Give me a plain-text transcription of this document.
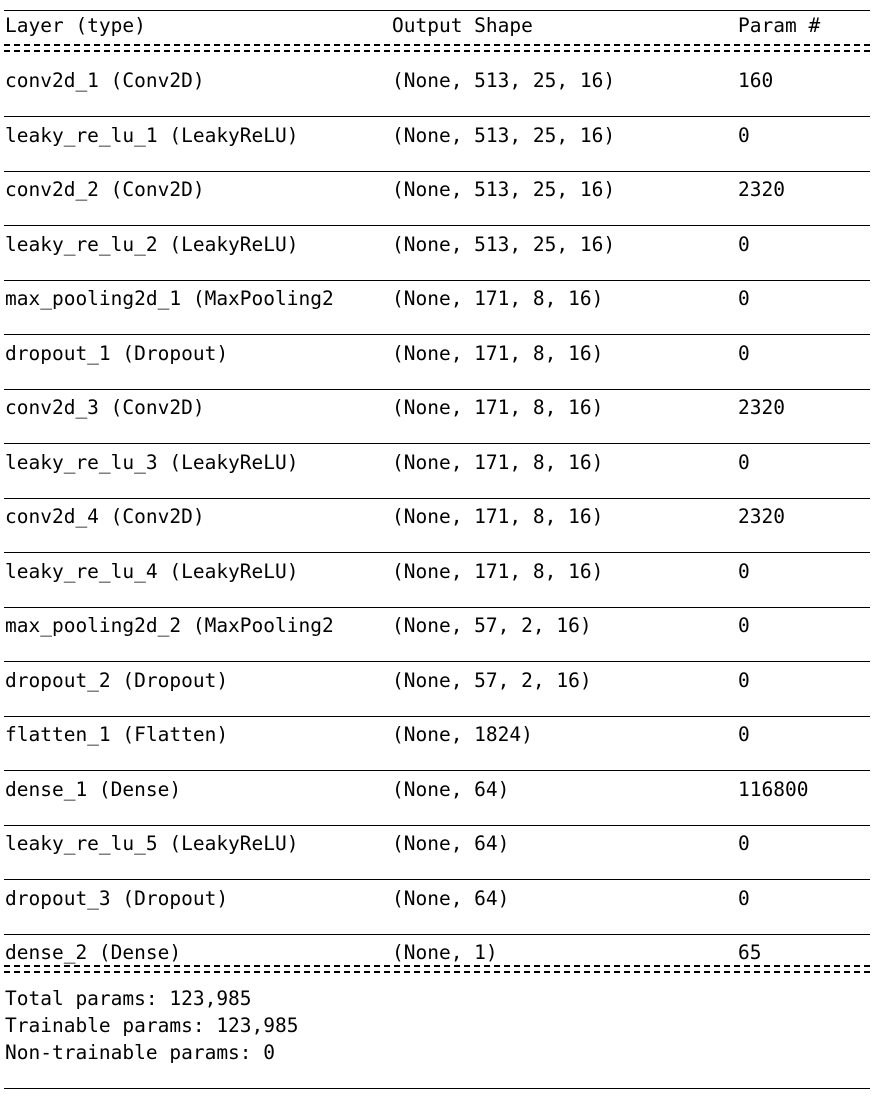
Layer (type)	Output Shape	Param #
conv2d_1 (Conv2D)	(None, 513, 25, 16)	160
leaky_re_lu_1 (LeakyReLU)	(None, 513, 25, 16)	0
conv2d_2 (Conv2D)	(None, 513, 25, 16)	2320
leaky_re_lu_2 (LeakyReLU)	(None, 513, 25, 16)	0
max_pooling2d_1 (MaxPooling2	(None, 171, 8, 16)	0
dropout_1 (Dropout)	(None, 171, 8, 16)	0
conv2d_3 (Conv2D)	(None, 171, 8, 16)	2320
leaky_re_lu_3 (LeakyReLU)	(None, 171, 8, 16)	0
conv2d_4 (Conv2D)	(None, 171, 8, 16)	2320
leaky_re_lu_4 (LeakyReLU)	(None, 171, 8, 16)	0
max_pooling2d_2 (MaxPooling2	(None, 57, 2, 16)	0
dropout_2 (Dropout)	(None, 57, 2, 16)	0
flatten_1 (Flatten)	(None, 1824)	0
dense_1 (Dense)	(None, 64)	116800
leaky_re_lu_5 (LeakyReLU)	(None, 64)	0
dropout_3 (Dropout)	(None, 64)	0
dense_2 (Dense)	(None, 1)	65
Total params: 123,985
Trainable params: 123,985
Non-trainable params: 0
